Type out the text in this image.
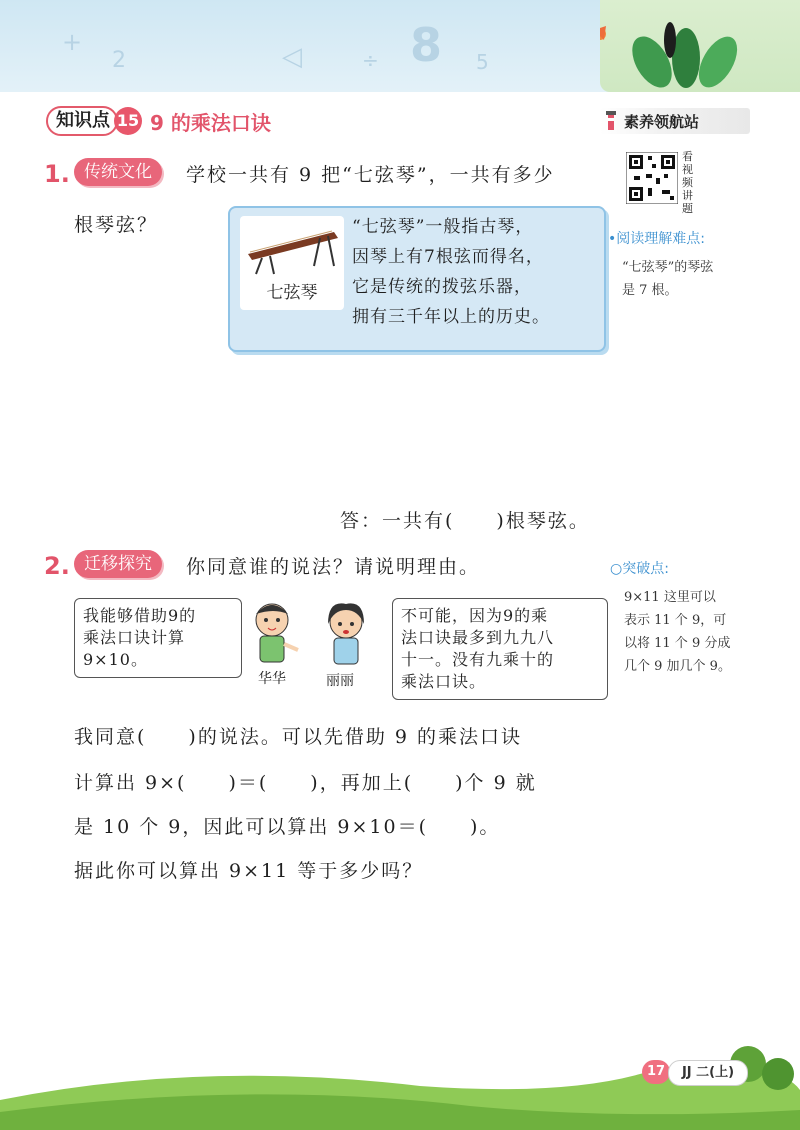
+
2	◁	÷ 8 5
知识点 15 9 的乘法口诀	素养领航站
看视频讲题
1. 传统文化	学校一共有 9 把“七弦琴”，一共有多少
根琴弦？
七弦琴
“七弦琴”一般指古琴，
因琴上有7根弦而得名，
它是传统的拨弦乐器，
拥有三千年以上的历史。
•阅读理解难点:
“七弦琴”的琴弦
是 7 根。
答：一共有(　　)根琴弦。
2. 迁移探究	你同意谁的说法？请说明理由。	○突破点:
9×11 这里可以
表示 11 个 9，可
以将 11 个 9 分成
几个 9 加几个 9。
我能够借助9的
乘法口诀计算
9×10。
华华	丽丽
不可能，因为9的乘
法口诀最多到九九八
十一。没有九乘十的
乘法口诀。
我同意(　　)的说法。可以先借助 9 的乘法口诀
计算出 9×(　　)＝(　　)，再加上(　　)个 9 就
是 10 个 9，因此可以算出 9×10＝(　　)。
据此你可以算出 9×11 等于多少吗？
17	JJ 二(上)
